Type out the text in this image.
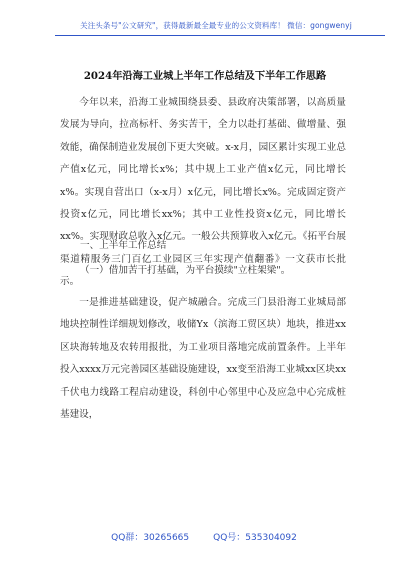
关注头条号"公文研究"，获得最新最全最专业的公文资料库！ 微信：gongwenyj
2024年沿海工业城上半年工作总结及下半年工作思路

今年以来，沿海工业城围绕县委、县政府决策部署，以高质量发展为导向，拉高标杆、务实苦干，全力以赴打基础、做增量、强效能，确保制造业发展创下更大突破。x-x月，园区累计实现工业总产值x亿元，同比增长x%；其中规上工业产值x亿元，同比增长x%。实现自营出口（x-x月）x亿元，同比增长x%。完成固定资产投资x亿元，同比增长xx%；其中工业性投资x亿元，同比增长xx%。实现财政总收入x亿元。一般公共预算收入x亿元。《拓平台展渠道精服务三门百亿工业园区三年实现产值翻番》一文获市长批示。

一、上半年工作总结
（一）借加苦干打基础，为平台摸续"立柱架梁"。

一是推进基础建设，促产城融合。完成三门县沿海工业城局部地块控制性详细规划修改，收储Yx（滨海工贸区块）地块，推进xx区块海转地及农转用报批，为工业项目落地完成前置条件。上半年投入xxxx万元完善园区基础设施建设，xx变至沿海工业城xx区块xx千伏电力线路工程启动建设，科创中心邻里中心及应急中心完成桩基建设，

QQ群：30265665	QQ号：535304092
